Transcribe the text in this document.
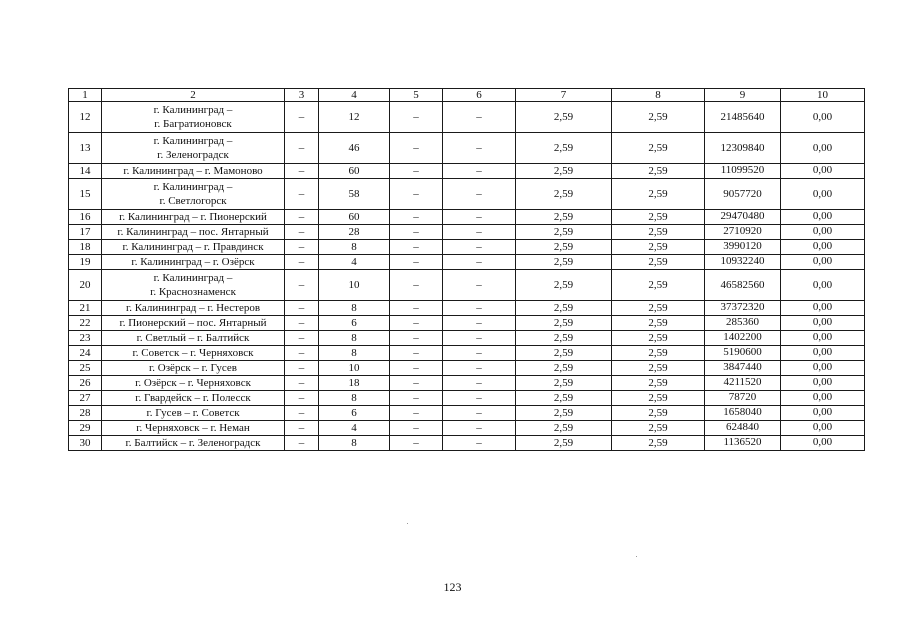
1	2	3	4	5	6	7	8	9	10
12	г. Калининград –
г. Багратионовск	–	12	–	–	2,59	2,59	21485640	0,00
13	г. Калининград –
г. Зеленоградск	–	46	–	–	2,59	2,59	12309840	0,00
14	г. Калининград – г. Мамоново	–	60	–	–	2,59	2,59	11099520	0,00
15	г. Калининград –
г. Светлогорск	–	58	–	–	2,59	2,59	9057720	0,00
16	г. Калининград – г. Пионерский	–	60	–	–	2,59	2,59	29470480	0,00
17	г. Калининград – пос. Янтарный	–	28	–	–	2,59	2,59	2710920	0,00
18	г. Калининград – г. Правдинск	–	8	–	–	2,59	2,59	3990120	0,00
19	г. Калининград – г. Озёрск	–	4	–	–	2,59	2,59	10932240	0,00
20	г. Калининград –
г. Краснознаменск	–	10	–	–	2,59	2,59	46582560	0,00
21	г. Калининград – г. Нестеров	–	8	–	–	2,59	2,59	37372320	0,00
22	г. Пионерский – пос. Янтарный	–	6	–	–	2,59	2,59	285360	0,00
23	г. Светлый – г. Балтийск	–	8	–	–	2,59	2,59	1402200	0,00
24	г. Советск – г. Черняховск	–	8	–	–	2,59	2,59	5190600	0,00
25	г. Озёрск – г. Гусев	–	10	–	–	2,59	2,59	3847440	0,00
26	г. Озёрск – г. Черняховск	–	18	–	–	2,59	2,59	4211520	0,00
27	г. Гвардейск – г. Полесск	–	8	–	–	2,59	2,59	78720	0,00
28	г. Гусев – г. Советск	–	6	–	–	2,59	2,59	1658040	0,00
29	г. Черняховск – г. Неман	–	4	–	–	2,59	2,59	624840	0,00
30	г. Балтийск – г. Зеленоградск	–	8	–	–	2,59	2,59	1136520	0,00
123
